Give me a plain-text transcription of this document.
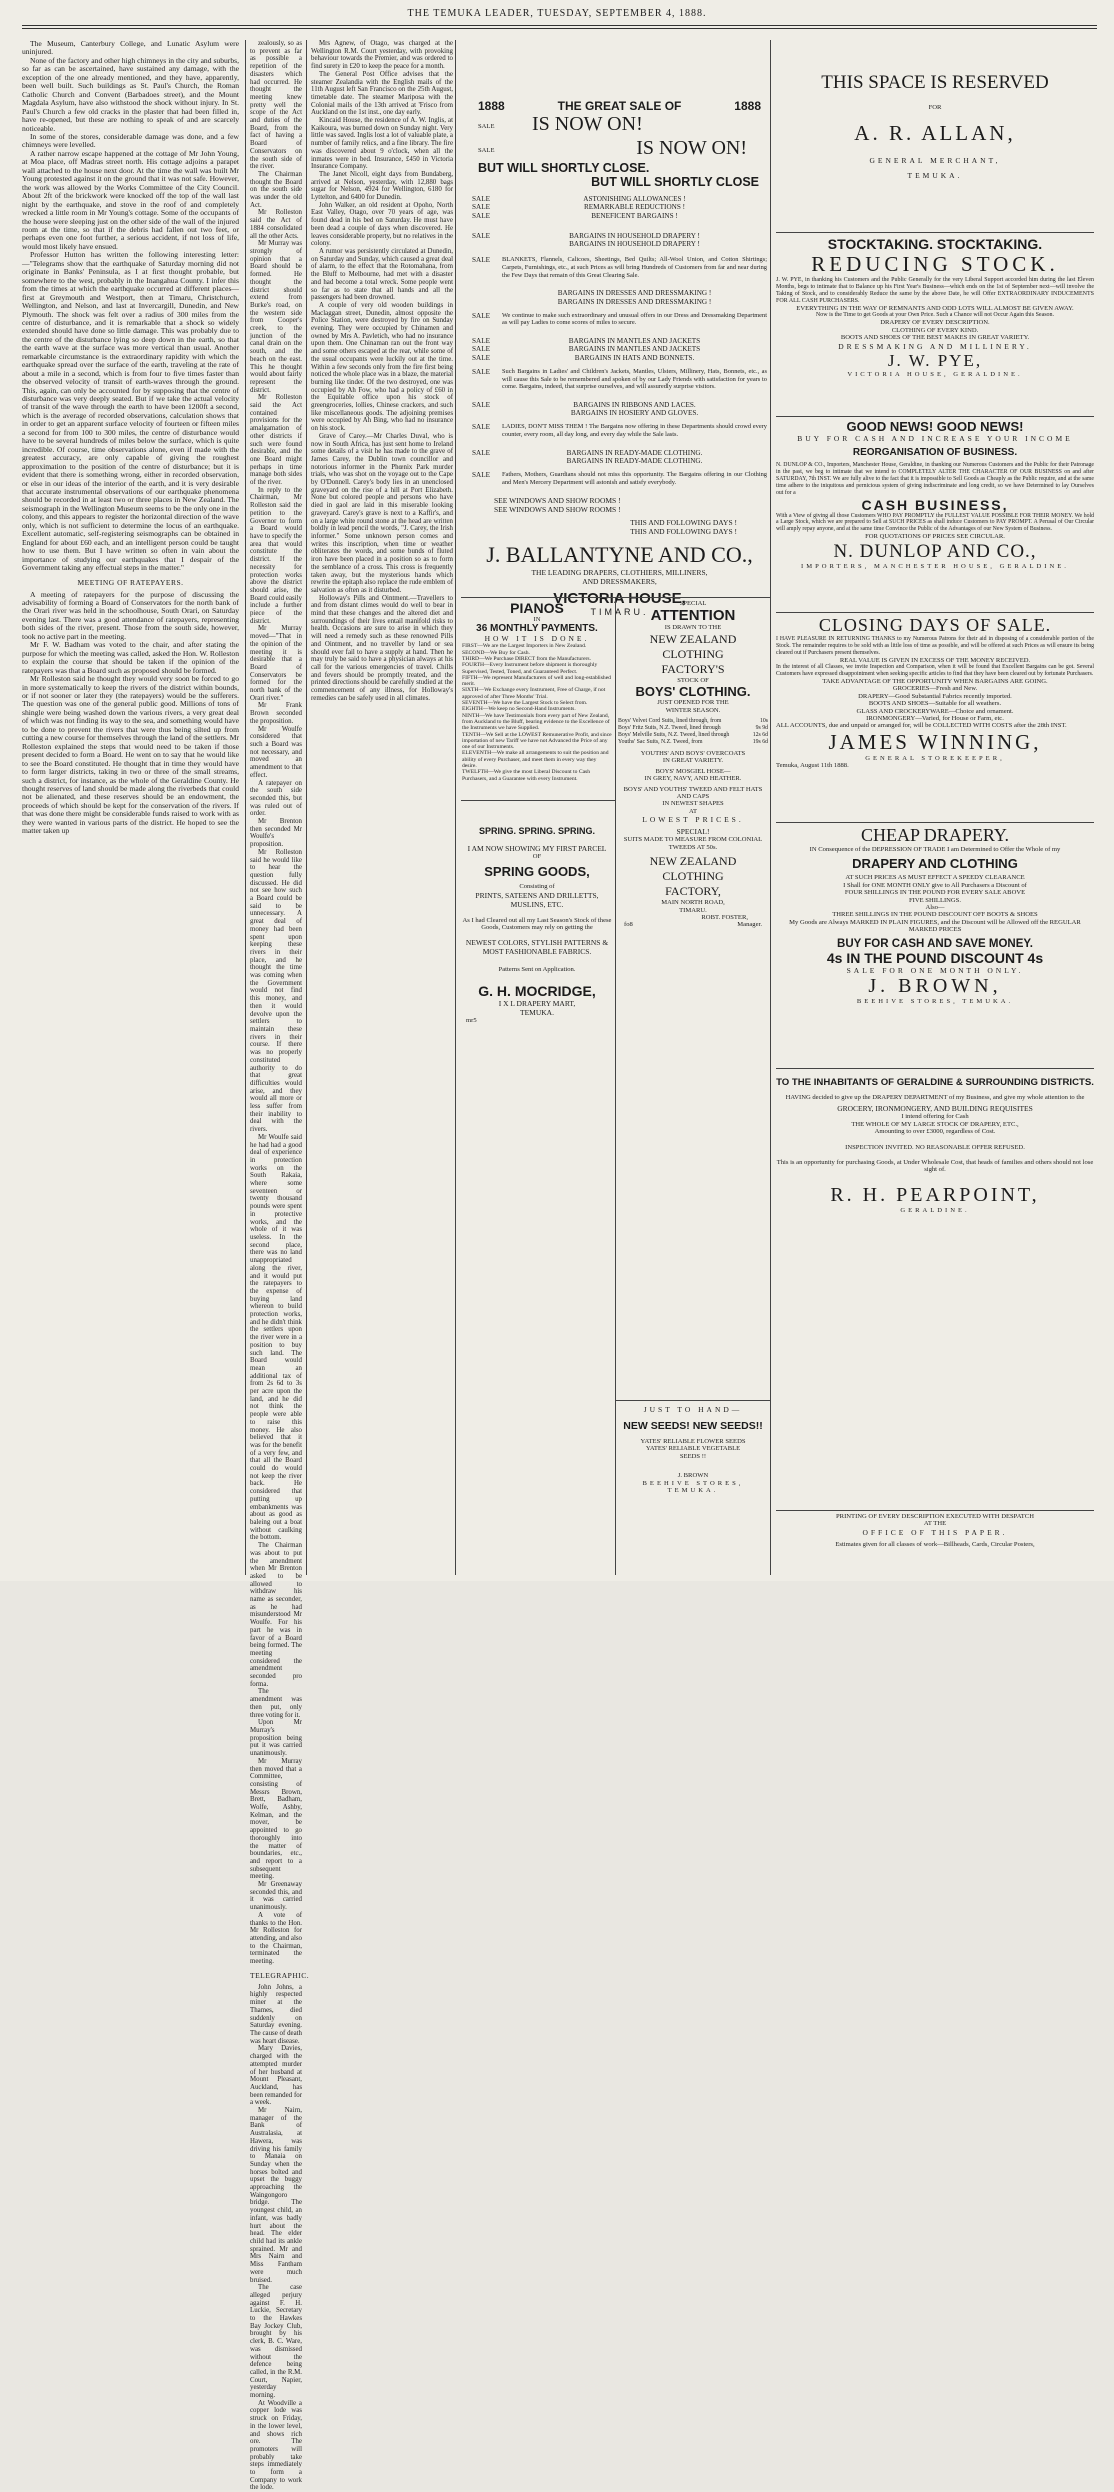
THE TEMUKA LEADER, TUESDAY, SEPTEMBER 4, 1888.

The Museum, Canterbury College, and Lunatic Asylum were uninjured.

None of the factory and other high chimneys in the city and suburbs, so far as can be ascertained, have sustained any damage, with the exception of the one already mentioned, and they have, apparently, been well built. Such buildings as St. Paul's Church, the Roman Catholic Church and Convent (Barbadoes street), and the Mount Magdala Asylum, have also withstood the shock without injury. In St. Paul's Church a few old cracks in the plaster that had been filled in, have re-opened, but these are nothing to speak of and are scarcely noticeable.

In some of the stores, considerable damage was done, and a few chimneys were levelled.

A rather narrow escape happened at the cottage of Mr John Young, at Moa place, off Madras street north. His cottage adjoins a parapet wall attached to the house next door. At the time the wall was built Mr Young protested against it on the ground that it was not safe. However, the work was allowed by the Works Committee of the City Council. About 2ft of the brickwork were knocked off the top of the wall last night by the earthquake, and stove in the roof of and completely wrecked a little room in Mr Young's cottage. Some of the occupants of the house were sleeping just on the other side of the wall of the injured room at the time, so that if the debris had fallen out two feet, or perhaps even one foot further, a serious accident, if not loss of life, would most likely have ensued.

Professor Hutton has written the following interesting letter:—"Telegrams show that the earthquake of Saturday morning did not originate in Banks' Peninsula, as I at first thought probable, but somewhere to the west, probably in the Inangahua County. I infer this from the times at which the earthquake occurred at different places—first at Greymouth and Westport, then at Timaru, Christchurch, Wellington, and Nelson, and last at Invercargill, Dunedin, and New Plymouth. The shock was felt over a radius of 300 miles from the centre of disturbance, and it is remarkable that a shock so widely extended should have done so little damage. This was probably due to the centre of the disturbance lying so deep down in the earth, so that the earth wave at the surface was more vertical than usual. Another remarkable circumstance is the extraordinary rapidity with which the earthquake spread over the surface of the earth, traveling at the rate of about a mile in a second, which is from four to five times faster than the observed velocity of transit of earth-waves through the ground. This, again, can only be accounted for by supposing that the centre of disturbance was very deeply seated. But if we take the actual velocity of transit of the wave through the earth to have been 1200ft a second, which is the average of recorded observations, calculation shows that in order to get an apparent surface velocity of fourteen or fifteen miles a second for from 100 to 300 miles, the centre of disturbance would have to be several hundreds of miles below the surface, which is quite incredible. Of course, time observations alone, even if made with the greatest accuracy, are only capable of giving the roughest approximation to the position of the centre of disturbance; but it is evident that there is something wrong, either in recorded observation, or else in our ideas of the interior of the earth, and it is very desirable that accurate instrumental observations of our earthquake phenomena should be recorded in at least two or three places in New Zealand. The seismograph in the Wellington Museum seems to be the only one in the colony, and this appears to register the horizontal direction of the wave only, which is not sufficient to determine the locus of an earthquake. Excellent automatic, self-registering seismographs can be obtained in England for about £60 each, and an intelligent person could be taught how to use them. But I have written so often in vain about the importance of studying our earthquakes that I despair of the Government taking any effectual steps in the matter."

MEETING OF RATEPAYERS.

A meeting of ratepayers for the purpose of discussing the advisability of forming a Board of Conservators for the north bank of the Orari river was held in the schoolhouse, South Orari, on Saturday evening last. There was a good attendance of ratepayers, representing both sides of the river, present. Those from the south side, however, took no active part in the meeting.

Mr F. W. Badham was voted to the chair, and after stating the purpose for which the meeting was called, asked the Hon. W. Rolleston to explain the course that should be taken if the opinion of the ratepayers was that a Board such as proposed should be formed.

Mr Rolleston said he thought they would very soon be forced to go in more systematically to keep the rivers of the district within bounds, or if not sooner or later they (the ratepayers) would be the sufferers. The question was one of the general public good. Millions of tons of shingle were being washed down the various rivers, a very great deal of which was not finding its way to the sea, and something would have to be done to prevent the rivers that were thus being silted up from cutting a new course for themselves through the land of the settlers. Mr Rolleston explained the steps that would need to be taken if those present decided to form a Board. He went on to say that he would like to see the Board constituted. He thought that in time they would have to form larger districts, taking in two or three of the small streams, such a district, for instance, as the whole of the Geraldine County. He thought reserves of land should be made along the riverbeds that could not be alienated, and these reserves should be an endowment, the proceeds of which should be kept for the conservation of the rivers. If that was done there might be considerable funds raised to work with as they were wanted in various parts of the district. He hoped to see the matter taken up

zealously, so as to prevent as far as possible a repetition of the disasters which had occurred. He thought the meeting knew pretty well the scope of the Act and duties of the Board, from the fact of having a Board of Conservators on the south side of the river.

The Chairman thought the Board on the south side was under the old Act.

Mr Rolleston said the Act of 1884 consolidated all the other Acts.

Mr Murray was strongly of opinion that a Board should be formed. He thought the district should extend from Burke's road, on the western side from Cooper's creek, to the junction of the canal drain on the south, and the beach on the east. This he thought would about fairly represent the district.

Mr Rolleston said the Act contained provisions for the amalgamation of other districts if such were found desirable, and the one Board might perhaps in time manage both sides of the river.

In reply to the Chairman, Mr Rolleston said the petition to the Governor to form a Board would have to specify the area that would constitute the district. If the necessity for protection works above the district should arise, the Board could easily include a further piece of the district.

Mr Murray moved—"That in the opinion of the meeting it is desirable that a Board of Conservators be formed for the north bank of the Orari river."

Mr Frank Brown seconded the proposition.

Mr Woulfe considered that such a Board was not necessary, and moved an amendment to that effect.

A ratepayer on the south side seconded this, but was ruled out of order.

Mr Brenton then seconded Mr Woulfe's proposition.

Mr Rolleston said he would like to hear the question fully discussed. He did not see how such a Board could be said to be unnecessary. A great deal of money had been spent upon keeping these rivers in their place, and he thought the time was coming when the Government would not find this money, and then it would devolve upon the settlers to maintain these rivers in their course. If there was no properly constituted authority to do that great difficulties would arise, and they would all more or less suffer from their inability to deal with the rivers.

Mr Woulfe said he had had a good deal of experience in protection works on the South Rakaia, where some seventeen or twenty thousand pounds were spent in protective works, and the whole of it was useless. In the second place, there was no land unappropriated along the river, and it would put the ratepayers to the expense of buying land whereon to build protection works, and he didn't think the settlers upon the river were in a position to buy such land. The Board would mean an additional tax of from 2s 6d to 3s per acre upon the land, and he did not think the people were able to raise this money. He also believed that it was for the benefit of a very few, and that all the Board could do would not keep the river back. He considered that putting up embankments was about as good as baleing out a boat without caulking the bottom.

The Chairman was about to put the amendment when Mr Brenton asked to be allowed to withdraw his name as seconder, as he had misunderstood Mr Woulfe. For his part he was in favor of a Board being formed. The meeting considered the amendment seconded pro forma.

The amendment was then put, only three voting for it.

Upon Mr Murray's proposition being put it was carried unanimously.

Mr Murray then moved that a Committee, consisting of Messrs Brown, Brett, Badham, Wolfe, Ashby, Kelman, and the mover, be appointed to go thoroughly into the matter of boundaries, etc., and report to a subsequent meeting.

Mr Greenaway seconded this, and it was carried unanimously.

A vote of thanks to the Hon. Mr Rolleston for attending, and also to the Chairman, terminated the meeting.

TELEGRAPHIC.

John Johns, a highly respected miner at the Thames, died suddenly on Saturday evening. The cause of death was heart disease.

Mary Davies, charged with the attempted murder of her husband at Mount Pleasant, Auckland, has been remanded for a week.

Mr Nairn, manager of the Bank of Australasia, at Hawera, was driving his family to Manaia on Sunday when the horses bolted and upset the buggy approaching the Waingongoro bridge. The youngest child, an infant, was badly hurt about the head. The elder child had its ankle sprained. Mr and Mrs Nairn and Miss Fantham were much bruised.

The case alleged perjury against F. H. Luckie, Secretary to the Hawkes Bay Jockey Club, brought by his clerk, B. C. Ware, was dismissed without the defence being called, in the R.M. Court, Napier, yesterday morning.

At Woodville a copper lode was struck on Friday, in the lower level, and shows rich ore. The promoters will probably take steps immediately to form a Company to work the lode.

1888	THE GREAT SALE OF	1888
SALE IS NOW ON!
SALE	IS NOW ON!
BUT WILL SHORTLY CLOSE.
BUT WILL SHORTLY CLOSE
SALE	ASTONISHING ALLOWANCES !
SALE	REMARKABLE REDUCTIONS !
SALE	BENEFICENT BARGAINS !
SALE	BARGAINS IN HOUSEHOLD DRAPERY !
BARGAINS IN HOUSEHOLD DRAPERY !
SALE	BLANKETS, Flannels, Calicoes, Sheetings, Bed Quilts; All-Wool Union, and Cotton Shirtings; Carpets, Furnishings, etc., at such Prices as will bring Hundreds of Customers from far and near during the Few Days that remain of this Great Clearing Sale.
BARGAINS IN DRESSES AND DRESSMAKING !
BARGAINS IN DRESSES AND DRESSMAKING !
SALE	We continue to make such extraordinary and unusual offers in our Dress and Dressmaking Department as will pay Ladies to come scores of miles to secure.
SALE	BARGAINS IN MANTLES AND JACKETS
SALE	BARGAINS IN MANTLES AND JACKETS
SALE	BARGAINS IN HATS AND BONNETS.
SALE	Such Bargains in Ladies' and Children's Jackets, Mantles, Ulsters, Millinery, Hats, Bonnets, etc., as will cause this Sale to be remembered and spoken of by our Lady Friends with satisfaction for years to come. Bargains, indeed, that surprise ourselves, and will assuredly surprise visitors.
SALE	BARGAINS IN RIBBONS AND LACES.
BARGAINS IN HOSIERY AND GLOVES.
SALE	LADIES, DON'T MISS THEM ! The Bargains now offering in these Departments should crowd every counter, every room, all day long, and every day while the Sale lasts.
SALE	BARGAINS IN READY-MADE CLOTHING.
BARGAINS IN READY-MADE CLOTHING.
SALE	Fathers, Mothers, Guardians should not miss this opportunity. The Bargains offering in our Clothing and Men's Mercery Department will astonish and satisfy everybody.
SEE WINDOWS AND SHOW ROOMS !
SEE WINDOWS AND SHOW ROOMS !
THIS AND FOLLOWING DAYS !
THIS AND FOLLOWING DAYS !
J. BALLANTYNE AND CO.,
THE LEADING DRAPERS, CLOTHIERS, MILLINERS,
AND DRESSMAKERS,
VICTORIA HOUSE,
TIMARU.
PIANOS
IN
36 MONTHLY PAYMENTS.
HOW IT IS DONE.
FIRST—We are the Largest Importers in New Zealand.
SECOND—We Buy for Cash.
THIRD—We Purchase DIRECT from the Manufacturers.
FOURTH—Every Instrument before shipment is thoroughly Supervised, Tested, Toned, and Guaranteed Perfect.
FIFTH—We represent Manufacturers of well and long-established merit.
SIXTH—We Exchange every Instrument, Free of Charge, if not approved of after Three Months' Trial.
SEVENTH—We have the Largest Stock to Select from.
EIGHTH—We keep no Second-Hand Instruments.
NINTH—We have Testimonials from every part of New Zealand, from Auckland to the Bluff, bearing evidence to the Excellence of the Instruments we have Supplied.
TENTH—We Sell at the LOWEST Remunerative Profit, and since importation of new Tariff we have not Advanced the Price of any one of our Instruments.
ELEVENTH—We make all arrangements to suit the position and ability of every Purchaser, and meet them in every way they desire.
TWELFTH—We give the most Liberal Discount to Cash Purchasers, and a Guarantee with every Instrument.
SPRING. SPRING. SPRING.
I AM NOW SHOWING MY FIRST PARCEL
OF
SPRING GOODS,
Consisting of
PRINTS, SATEENS AND DRILLETTS, MUSLINS, ETC.
As I had Cleared out all my Last Season's Stock of these Goods, Customers may rely on getting the
NEWEST COLORS, STYLISH PATTERNS & MOST FASHIONABLE FABRICS.
Patterns Sent on Application.
G. H. MOCRIDGE,
I X L DRAPERY MART,
TEMUKA.
mr5
SPECIAL
ATTENTION
IS DRAWN TO THE
NEW ZEALAND CLOTHING
FACTORY'S
STOCK OF
BOYS' CLOTHING.
JUST OPENED FOR THE
WINTER SEASON.
Boys' Velvet Cord Suits, lined through, from	10s
Boys' Fritz Suits, N.Z. Tweed, lined through	9s 9d
Boys' Melville Suits, N.Z. Tweed, lined through	12s 6d
Youths' Sac Suits, N.Z. Tweed, from	19s 6d
YOUTHS' AND BOYS' OVERCOATS
IN GREAT VARIETY.
BOYS' MOSGIEL HOSE—
IN GREY, NAVY, AND HEATHER.
BOYS' AND YOUTHS' TWEED AND FELT HATS AND CAPS
IN NEWEST SHAPES
AT
LOWEST PRICES.
SPECIAL!
SUITS MADE TO MEASURE FROM COLONIAL TWEEDS AT 50s.
NEW ZEALAND CLOTHING
FACTORY,
MAIN NORTH ROAD,
TIMARU.
ROBT. FOSTER,
fo8	Manager.
JUST TO HAND—
NEW SEEDS! NEW SEEDS!!
YATES' RELIABLE FLOWER SEEDS
YATES' RELIABLE VEGETABLE
SEEDS !!
J. BROWN
BEEHIVE STORES,
TEMUKA.
THIS SPACE IS RESERVED
FOR
A. R. ALLAN,
GENERAL MERCHANT,
TEMUKA.
STOCKTAKING. STOCKTAKING.
REDUCING STOCK.
J. W. PYE, in thanking his Customers and the Public Generally for the very Liberal Support accorded him during the last Eleven Months, begs to intimate that to Balance up his First Year's Business—which ends on the 1st of September next—will involve the Taking of Stock, and to considerably Reduce the same by the above Date, he will Offer EXTRAORDINARY INDUCEMENTS FOR ALL CASH PURCHASERS.
EVERYTHING IN THE WAY OF REMNANTS AND ODD LOTS WILL ALMOST BE GIVEN AWAY.
Now is the Time to get Goods at your Own Price. Such a Chance will not Occur Again this Season.
DRAPERY OF EVERY DESCRIPTION.
CLOTHING OF EVERY KIND.
BOOTS AND SHOES OF THE BEST MAKES IN GREAT VARIETY.
DRESSMAKING AND MILLINERY.
J. W. PYE,
VICTORIA HOUSE, GERALDINE.
GOOD NEWS! GOOD NEWS!
BUY FOR CASH AND INCREASE YOUR INCOME
REORGANISATION OF BUSINESS.
N. DUNLOP & CO., Importers, Manchester House, Geraldine, in thanking our Numerous Customers and the Public for their Patronage in the past, we beg to intimate that we intend to COMPLETELY ALTER THE CHARACTER OF OUR BUSINESS on and after SATURDAY, 7th INST. We are fully alive to the fact that it is impossible to Sell Goods as Cheaply as the Public require, and at the same time adhere to the iniquitous and pernicious system of giving indiscriminate and long credit, so we have Determined to lay Ourselves out for a
CASH BUSINESS,
With a View of giving all those Customers WHO PAY PROMPTLY the FULLEST VALUE POSSIBLE FOR THEIR MONEY. We hold a Large Stock, which we are prepared to Sell at SUCH PRICES as shall induce Customers to PAY PROMPT. A Perusal of Our Circular will amply repay anyone, and at the same time Convince the Public of the Advantages of our New System of Business.
FOR QUOTATIONS OF PRICES SEE CIRCULAR.
N. DUNLOP AND CO.,
IMPORTERS, MANCHESTER HOUSE, GERALDINE.
CLOSING DAYS OF SALE.
I HAVE PLEASURE IN RETURNING THANKS to my Numerous Patrons for their aid in disposing of a considerable portion of the Stock. The remainder requires to be sold with as little loss of time as possible, and will be offered at such Prices as will ensure its being cleared out if Purchasers present themselves.
REAL VALUE IS GIVEN IN EXCESS OF THE MONEY RECEIVED.
In the interest of all Classes, we invite Inspection and Comparison, when it will be found that Excellent Bargains can be got. Several Customers have expressed disappointment when seeking specific articles to find that they have been cleared out by fortunate Purchasers.
TAKE ADVANTAGE OF THE OPPORTUNITY WHEN BARGAINS ARE GOING.
GROCERIES—Fresh and New.
DRAPERY—Good Substantial Fabrics recently imported.
BOOTS AND SHOES—Suitable for all weathers.
GLASS AND CROCKERYWARE—Choice and ornament.
IRONMONGERY—Varied, for House or Farm, etc.
ALL ACCOUNTS, due and unpaid or arranged for, will be COLLECTED WITH COSTS after the 28th INST.
JAMES WINNING,
GENERAL STOREKEEPER,
Temuka, August 11th 1888.
CHEAP DRAPERY.
IN Consequence of the DEPRESSION OF TRADE I am Determined to Offer the Whole of my
DRAPERY AND CLOTHING
AT SUCH PRICES AS MUST EFFECT A SPEEDY CLEARANCE
I Shall for ONE MONTH ONLY give to All Purchasers a Discount of
FOUR SHILLINGS IN THE POUND FOR EVERY SALE ABOVE
FIVE SHILLINGS.
Also—
THREE SHILLINGS IN THE POUND DISCOUNT OFF BOOTS & SHOES
My Goods are Always MARKED IN PLAIN FIGURES, and the Discount will be Allowed off the REGULAR MARKED PRICES
BUY FOR CASH AND SAVE MONEY.
4s IN THE POUND DISCOUNT 4s
SALE FOR ONE MONTH ONLY.
J. BROWN,
BEEHIVE STORES, TEMUKA.
TO THE INHABITANTS OF GERALDINE & SURROUNDING DISTRICTS.
HAVING decided to give up the DRAPERY DEPARTMENT of my Business, and give my whole attention to the
GROCERY, IRONMONGERY, AND BUILDING REQUISITES
I intend offering for Cash
THE WHOLE OF MY LARGE STOCK OF DRAPERY, ETC.,
Amounting to over £3000, regardless of Cost.
INSPECTION INVITED. NO REASONABLE OFFER REFUSED.
This is an opportunity for purchasing Goods, at Under Wholesale Cost, that heads of families and others should not lose sight of.
R. H. PEARPOINT,
GERALDINE.
PRINTING OF EVERY DESCRIPTION EXECUTED WITH DESPATCH
AT THE
OFFICE OF THIS PAPER.
Estimates given for all classes of work—Billheads, Cards, Circular Posters,

Mrs Agnew, of Otago, was charged at the Wellington R.M. Court yesterday, with provoking behaviour towards the Premier, and was ordered to find surety in £20 to keep the peace for a month.

The General Post Office advises that the steamer Zealandia with the English mails of the 11th August left San Francisco on the 25th August, timetable date. The steamer Mariposa with the Colonial mails of the 13th arrived at 'Frisco from Auckland on the 1st inst., one day early.

Kincaid House, the residence of A. W. Inglis, at Kaikoura, was burned down on Sunday night. Very little was saved. Inglis lost a lot of valuable plate, a number of family relics, and a fine library. The fire was discovered about 9 o'clock, when all the inmates were in bed. Insurance, £450 in Victoria Insurance Company.

The Janet Nicoll, eight days from Bundaberg, arrived at Nelson, yesterday, with 12,880 bags sugar for Nelson, 4924 for Wellington, 6180 for Lyttelton, and 6400 for Dunedin.

John Walker, an old resident at Opoho, North East Valley, Otago, over 70 years of age, was found dead in his bed on Saturday. He must have been dead a couple of days when discovered. He leaves considerable property, but no relatives in the colony.

A rumor was persistently circulated at Dunedin, on Saturday and Sunday, which caused a great deal of alarm, to the effect that the Rotomahana, from the Bluff to Melbourne, had met with a disaster and had become a total wreck. Some people went so far as to state that all hands and all the passengers had been drowned.

A couple of very old wooden buildings in Maclaggan street, Dunedin, almost opposite the Police Station, were destroyed by fire on Sunday evening. They were occupied by Chinamen and owned by Mrs A. Pavletich, who had no insurance upon them. One Chinaman ran out the front way and some others escaped at the rear, while some of the usual occupants were luckily out at the time. Within a few seconds only from the fire first being noticed the whole place was in a blaze, the material burning like tinder. Of the two destroyed, one was occupied by Ah Fow, who had a policy of £60 in the Equitable office upon his stock of greengroceries, lollies, Chinese crackers, and such like miscellaneous goods. The adjoining premises were occupied by Ah Bing, who had no insurance on his stock.

Grave of Carey.—Mr Charles Duval, who is now in South Africa, has just sent home to Ireland some details of a visit he has made to the grave of James Carey, the Dublin town councillor and notorious informer in the Phœnix Park murder trials, who was shot on the voyage out to the Cape by O'Donnell. Carey's body lies in an unenclosed graveyard on the rise of a hill at Port Elizabeth. None but colored people and persons who have died in gaol are laid in this miserable looking graveyard. Carey's grave is next to a Kaffir's, and on a large white round stone at the head are written boldly in lead pencil the words, "J. Carey, the Irish informer." Some unknown person comes and writes this inscription, when time or weather obliterates the words, and some bunds of fluted iron have been placed in a position so as to form the semblance of a cross. This cross is frequently taken away, but the mysterious hands which rewrite the epitaph also replace the rude emblem of salvation as often as it disturbed.

Holloway's Pills and Ointment.—Travellers to and from distant climes would do well to bear in mind that these changes and the altered diet and surroundings of their lives entail manifold risks to health. Occasions are sure to arise in which they will need a remedy such as these renowned Pills and Ointment, and no traveller by land or sea should ever fail to have a supply at hand. Then he may truly be said to have a physician always at his call for the various emergencies of travel. Chills and fevers should be promptly treated, and the printed directions should be carefully studied at the commencement of any illness, for Holloway's remedies can be safely used in all climates.
